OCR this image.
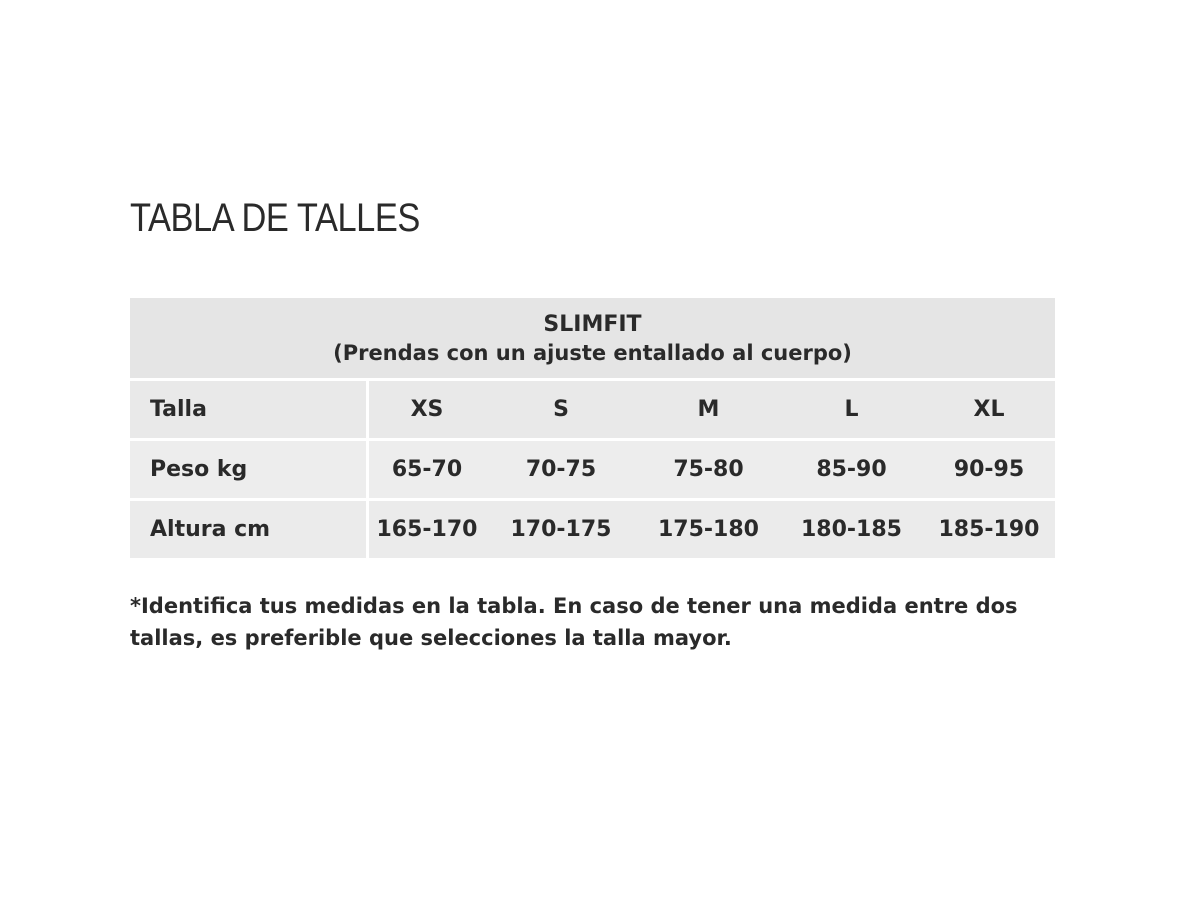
TABLA DE TALLES
SLIMFIT
(Prendas con un ajuste entallado al cuerpo)
Talla	XS	S	M	L	XL
Peso kg	65-70	70-75	75-80	85-90	90-95
Altura cm	165-170	170-175	175-180	180-185	185-190
*Identifica tus medidas en la tabla. En caso de tener una medida entre dos tallas, es preferible que selecciones la talla mayor.
